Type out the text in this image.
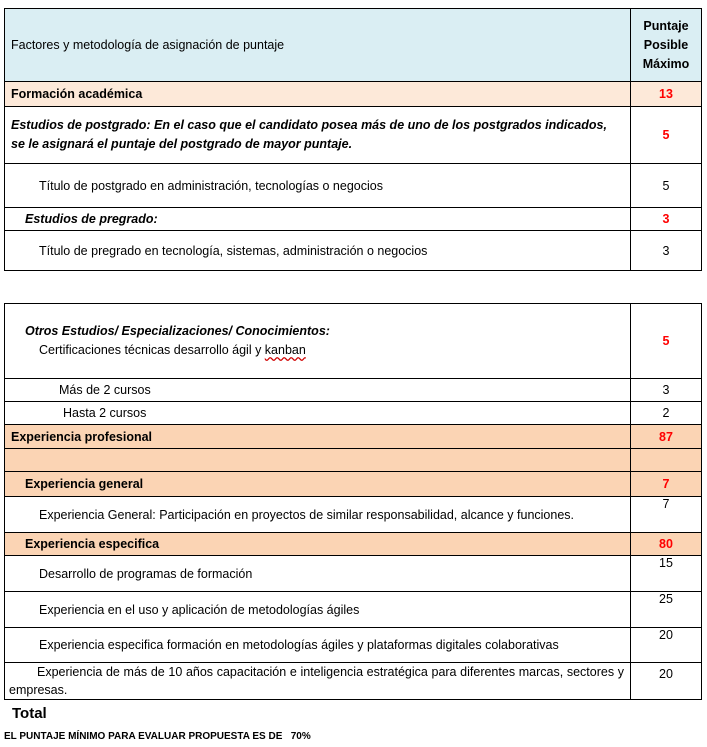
Factores y metodología de asignación de puntaje	Puntaje Posible Máximo
Formación académica	13
Estudios de postgrado: En el caso que el candidato posea más de uno de los postgrados indicados, se le asignará el puntaje del postgrado de mayor puntaje.	5
Título de postgrado en administración, tecnologías o negocios	5
Estudios de pregrado:	3
Título de pregrado en tecnología, sistemas, administración o negocios	3
Otros Estudios/ Especializaciones/ Conocimientos:
Certificaciones técnicas desarrollo ágil y kanban	5
Más de 2 cursos	3
Hasta 2 cursos	2
Experiencia profesional	87

Experiencia general	7
Experiencia General: Participación en proyectos de similar responsabilidad, alcance y funciones.	7
Experiencia especifica	80
Desarrollo de programas de formación	15
Experiencia en el uso y aplicación de metodologías ágiles	25
Experiencia especifica formación en metodologías ágiles y plataformas digitales colaborativas	20
Experiencia de más de 10 años capacitación e inteligencia estratégica para diferentes marcas, sectores y empresas.	20
Total
EL PUNTAJE MÍNIMO PARA EVALUAR PROPUESTA ES DE   70%
